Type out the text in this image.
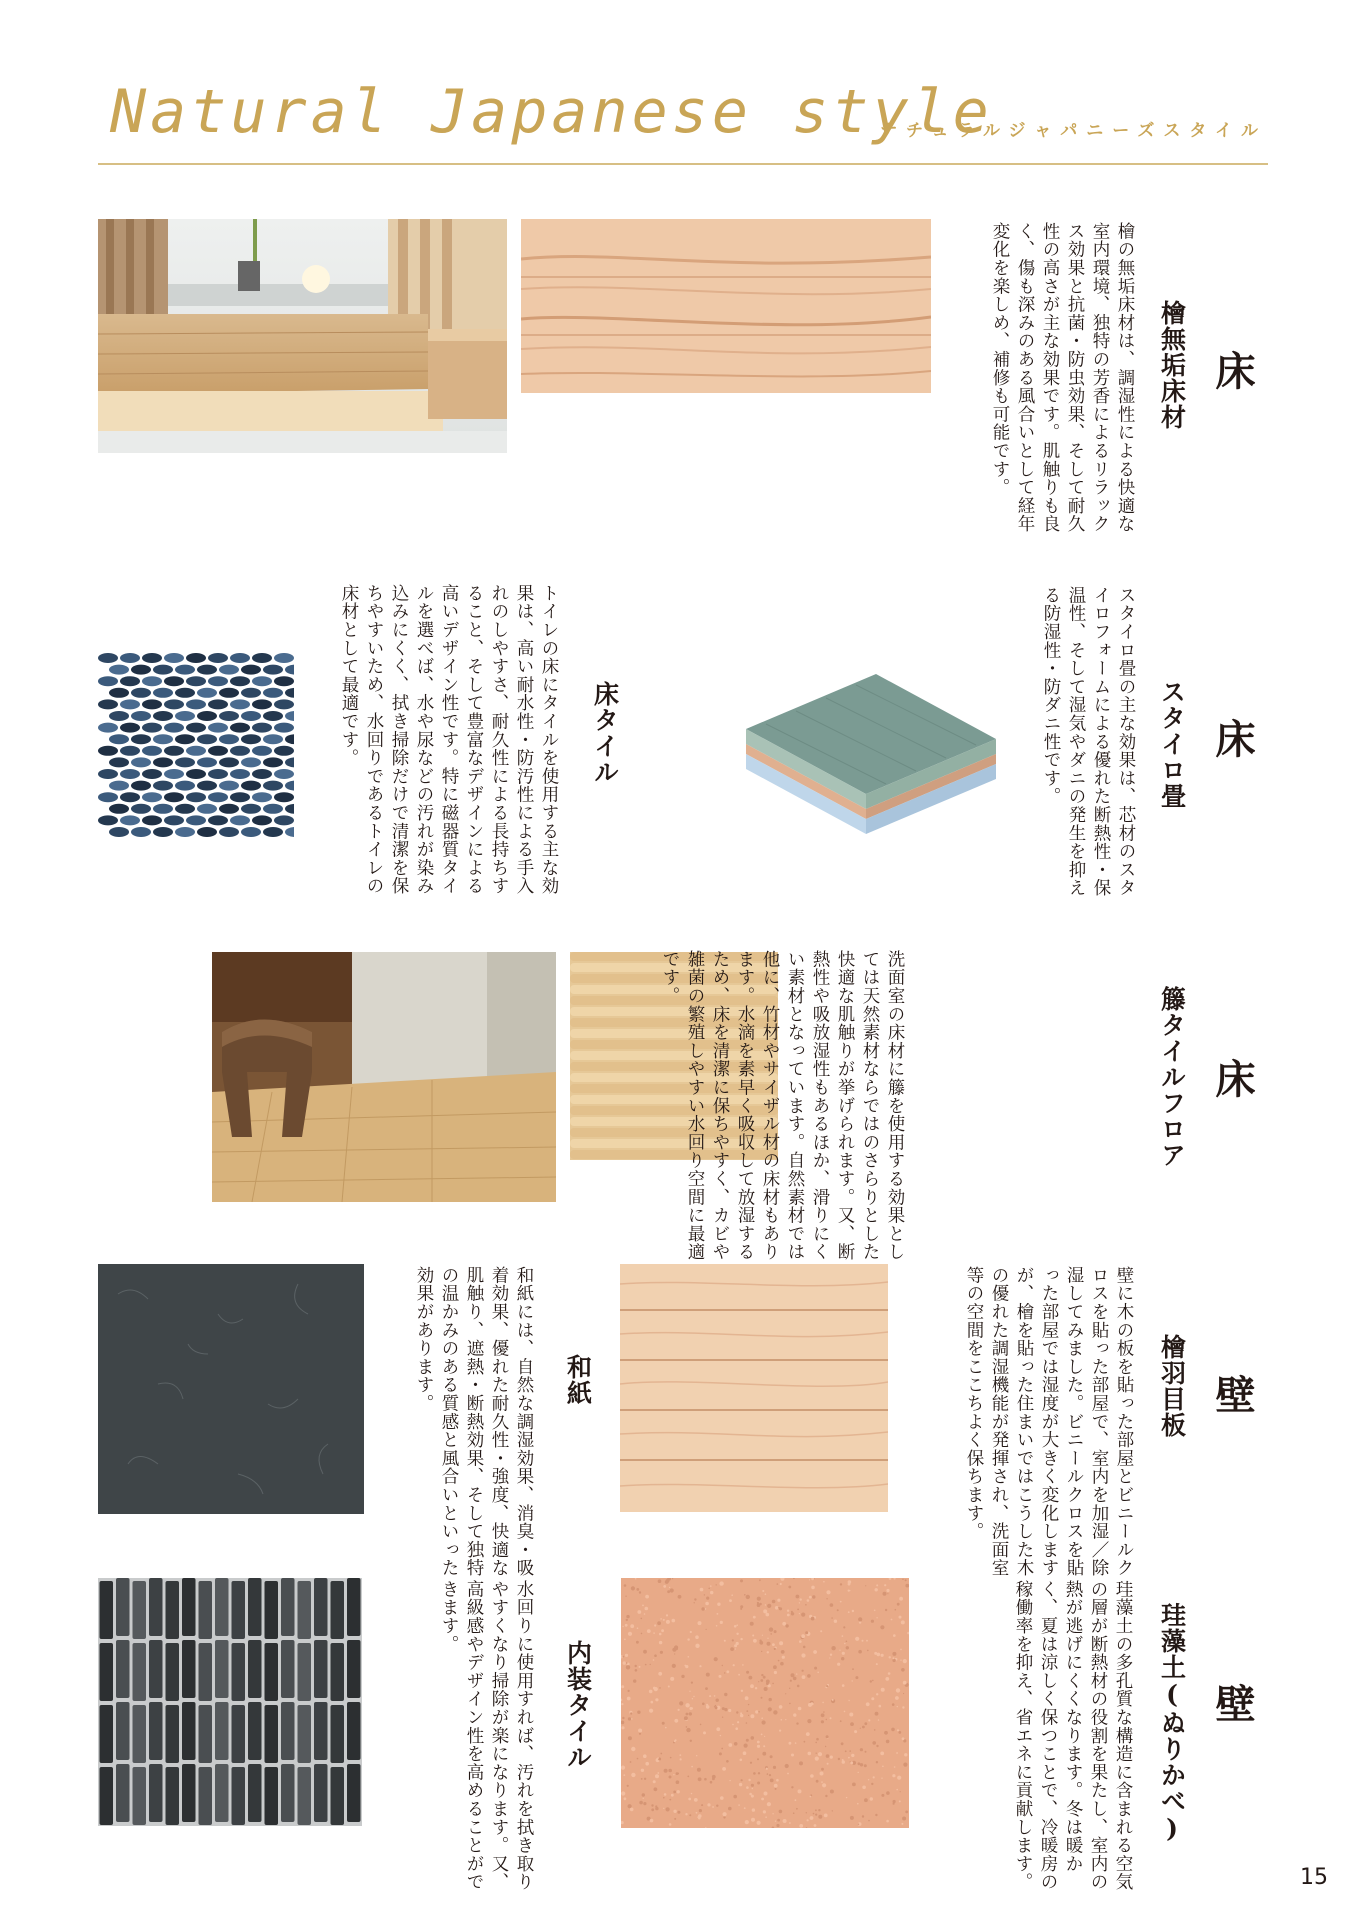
Natural Japanese style
ナチュラルジャパニーズスタイル
檜の無垢床材は、調湿性による快適な室内環境、独特の芳香によるリラックス効果と抗菌・防虫効果、そして耐久性の高さが主な効果です。肌触りも良く、傷も深みのある風合いとして経年変化を楽しめ、補修も可能です。	檜無垢床材 床
トイレの床にタイルを使用する主な効果は、高い耐水性・防汚性による手入れのしやすさ、耐久性による長持ちすること、そして豊富なデザインによる高いデザイン性です。特に磁器質タイルを選べば、水や尿などの汚れが染み込みにくく、拭き掃除だけで清潔を保ちやすいため、水回りであるトイレの床材として最適です。	床タイル	スタイロ畳の主な効果は、芯材のスタイロフォームによる優れた断熱性・保温性、そして湿気やダニの発生を抑える防湿性・防ダニ性です。	スタイロ畳 床
洗面室の床材に籐を使用する効果としては天然素材ならではのさらりとした快適な肌触りが挙げられます。又、断熱性や吸放湿性もあるほか、滑りにくい素材となっています。自然素材では他に、竹材やサイザル材の床材もあります。水滴を素早く吸収して放湿するため、床を清潔に保ちやすく、カビや雑菌の繁殖しやすい水回り空間に最適です。
籐タイルフロア 床
和紙には、自然な調湿効果、消臭・吸着効果、優れた耐久性・強度、快適な肌触り、遮熱・断熱効果、そして独特の温かみのある質感と風合いといった効果があります。	和紙	壁に木の板を貼った部屋とビニールクロスを貼った部屋で、室内を加湿／除湿してみました。ビニールクロスを貼った部屋では湿度が大きく変化しますが、檜を貼った住まいではこうした木の優れた調湿機能が発揮され、洗面室等の空間をここちよく保ちます。	檜羽目板 壁
水回りに使用すれば、汚れを拭き取りやすくなり掃除が楽になります。又、高級感やデザイン性を高めることができます。
内装タイル	珪藻土の多孔質な構造に含まれる空気の層が断熱材の役割を果たし、室内の熱が逃げにくくなります。冬は暖かく、夏は涼しく保つことで、冷暖房の稼働率を抑え、省エネに貢献します。	珪藻土(ぬりかべ) 壁
15
